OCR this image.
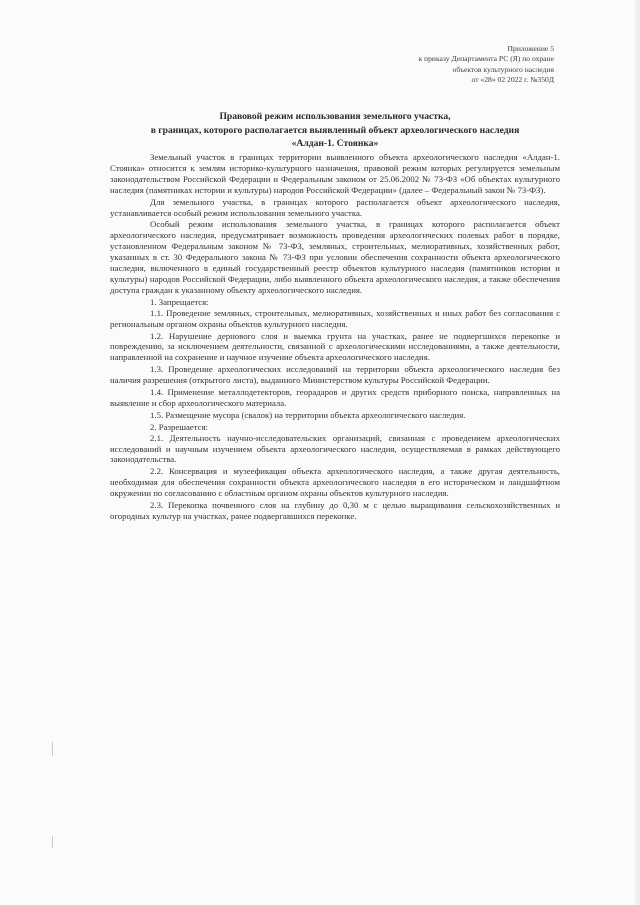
Приложение 5
к приказу Департамента РС (Я) по охране
объектов культурного наследия
от «28» 02 2022 г. №350Д
Правовой режим использования земельного участка,
в границах, которого располагается выявленный объект археологического наследия
«Алдан-1. Стоянка»

Земельный участок в границах территории выявленного объекта археологического наследия «Алдан-1. Стоянка» относится к землям историко-культурного назначения, правовой режим которых регулируется земельным законодательством Российской Федерации и Федеральным законом от 25.06.2002 № 73-ФЗ «Об объектах культурного наследия (памятниках истории и культуры) народов Российской Федерации» (далее – Федеральный закон № 73-ФЗ).

Для земельного участка, в границах которого располагается объект археологического наследия, устанавливается особый режим использования земельного участка.

Особый режим использования земельного участка, в границах которого располагается объект археологического наследия, предусматривает возможность проведения археологических полевых работ в порядке, установленном Федеральным законом № 73-ФЗ, земляных, строительных, мелиоративных, хозяйственных работ, указанных в ст. 30 Федерального закона № 73-ФЗ при условии обеспечения сохранности объекта археологического наследия, включенного в единый государственный реестр объектов культурного наследия (памятников истории и культуры) народов Российской Федерации, либо выявленного объекта археологического наследия, а также обеспечения доступа граждан к указанному объекту археологического наследия.

1. Запрещается:

1.1. Проведение земляных, строительных, мелиоративных, хозяйственных и иных работ без согласования с региональным органом охраны объектов культурного наследия.

1.2. Нарушение дернового слоя и выемка грунта на участках, ранее не подвергшихся перекопке и повреждению, за исключением деятельности, связанной с археологическими исследованиями, а также деятельности, направленной на сохранение и научное изучение объекта археологического наследия.

1.3. Проведение археологических исследований на территории объекта археологического наследия без наличия разрешения (открытого листа), выданного Министерством культуры Российской Федерации.

1.4. Применение металлодетекторов, георадаров и других средств приборного поиска, направленных на выявление и сбор археологического материала.

1.5. Размещение мусора (свалок) на территории объекта археологического наследия.

2. Разрешается:

2.1. Деятельность научно-исследовательских организаций, связанная с проведением археологических исследований и научным изучением объекта археологического наследия, осуществляемая в рамках действующего законодательства.

2.2. Консервация и музеефикация объекта археологического наследия, а также другая деятельность, необходимая для обеспечения сохранности объекта археологического наследия в его историческом и ландшафтном окружении по согласованию с областным органом охраны объектов культурного наследия.

2.3. Перекопка почвенного слоя на глубину до 0,30 м с целью выращивания сельскохозяйственных и огородных культур на участках, ранее подвергавшихся перекопке.
